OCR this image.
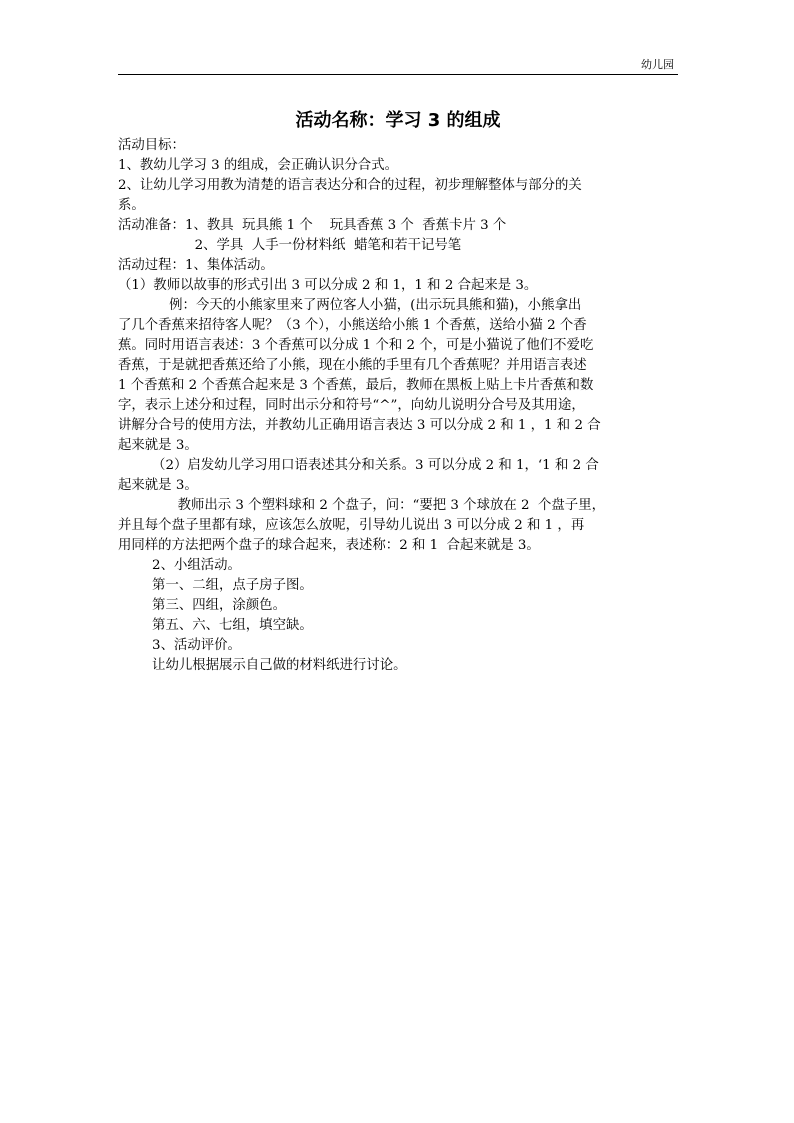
幼儿园
活动名称：学习 3 的组成

活动目标：

1、教幼儿学习 3 的组成，会正确认识分合式。

2、让幼儿学习用教为清楚的语言表达分和合的过程，初步理解整体与部分的关

系。

活动准备：1、教具  玩具熊 1 个    玩具香蕉 3 个  香蕉卡片 3 个

2、学具  人手一份材料纸  蜡笔和若干记号笔

活动过程：1、集体活动。

（1）教师以故事的形式引出 3 可以分成 2 和 1，1 和 2 合起来是 3。

例：今天的小熊家里来了两位客人小猫，(出示玩具熊和猫)，小熊拿出

了几个香蕉来招待客人呢？（3 个），小熊送给小熊 1 个香蕉，送给小猫 2 个香

蕉。同时用语言表述：3 个香蕉可以分成 1 个和 2 个，可是小猫说了他们不爱吃

香蕉，于是就把香蕉还给了小熊，现在小熊的手里有几个香蕉呢？并用语言表述

1 个香蕉和 2 个香蕉合起来是 3 个香蕉，最后，教师在黑板上贴上卡片香蕉和数

字，表示上述分和过程，同时出示分和符号“^”，向幼儿说明分合号及其用途，

讲解分合号的使用方法，并教幼儿正确用语言表达 3 可以分成 2 和 1 ，1 和 2 合

起来就是 3。

（2）启发幼儿学习用口语表述其分和关系。3 可以分成 2 和 1，‘1 和 2 合

起来就是 3。

教师出示 3 个塑料球和 2 个盘子，问：“要把 3 个球放在 2  个盘子里，

并且每个盘子里都有球，应该怎么放呢，引导幼儿说出 3 可以分成 2 和 1 ，再

用同样的方法把两个盘子的球合起来，表述称：2 和 1  合起来就是 3。

2、小组活动。

第一、二组，点子房子图。

第三、四组，涂颜色。

第五、六、七组，填空缺。

3、活动评价。

让幼儿根据展示自己做的材料纸进行讨论。
